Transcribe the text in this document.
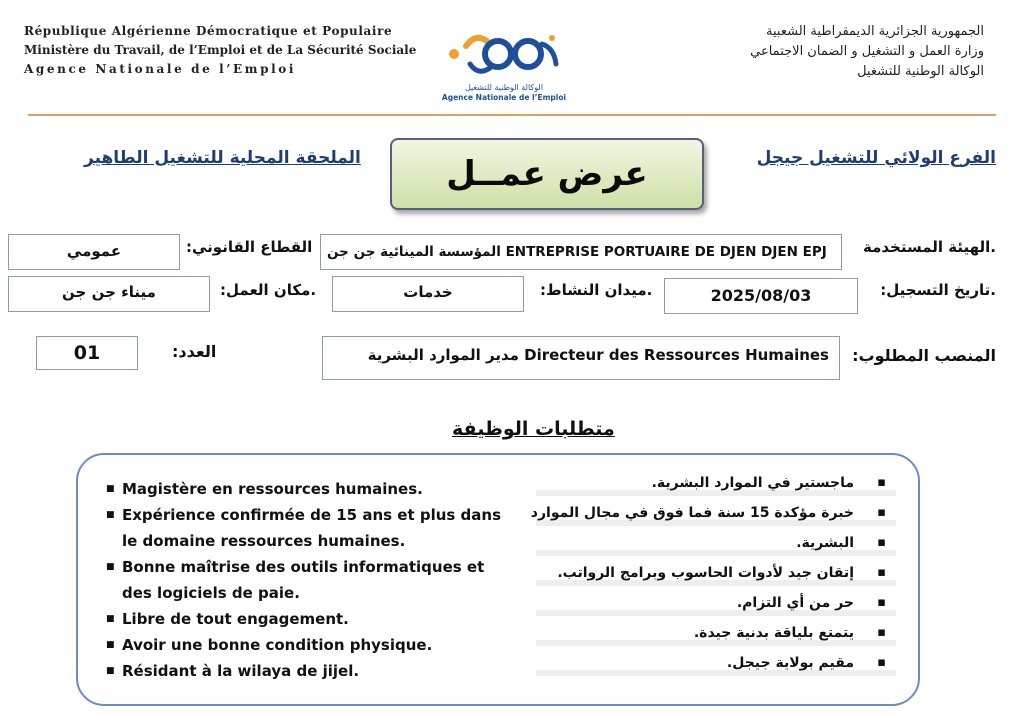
République Algérienne Démocratique et Populaire
Ministère du Travail, de l’Emploi et de La Sécurité Sociale
Agence Nationale de l’Emploi
الوكالة الوطنية للتشغيل
Agence Nationale de l’Emploi
الجمهورية الجزائرية الديمقراطية الشعبية
وزارة العمل و التشغيل و الضمان الاجتماعي
الوكالة الوطنية للتشغيل
الملحقة المحلية للتشغيل الطاهير	عرض عمــل	الفرع الولائي للتشغيل جيجل
.الهيئة المستخدمة
المؤسسة المينائية جن جن ENTREPRISE PORTUAIRE DE DJEN DJEN EPJ
القطاع القانوني:
عمومي
.تاريخ التسجيل:
2025/08/03
.ميدان النشاط:
خدمات
.مكان العمل:
ميناء جن جن
المنصب المطلوب:
مدير الموارد البشرية Directeur des Ressources Humaines
العدد:
01
متطلبات الوظيفة
■ Magistère en ressources humaines.
■ Expérience confirmée de 15 ans et plus dans le domaine ressources humaines.
■ Bonne maîtrise des outils informatiques et des logiciels de paie.
■ Libre de tout engagement.
■ Avoir une bonne condition physique.
■ Résidant à la wilaya de jijel.
▪ ماجستير في الموارد البشرية.
▪ خبرة مؤكدة 15 سنة فما فوق في مجال الموارد
▪ البشرية.
▪ إتقان جيد لأدوات الحاسوب وبرامج الرواتب.
▪ حر من أي التزام.
▪ يتمتع بلياقة بدنية جيدة.
▪ مقيم بولاية جيجل.
